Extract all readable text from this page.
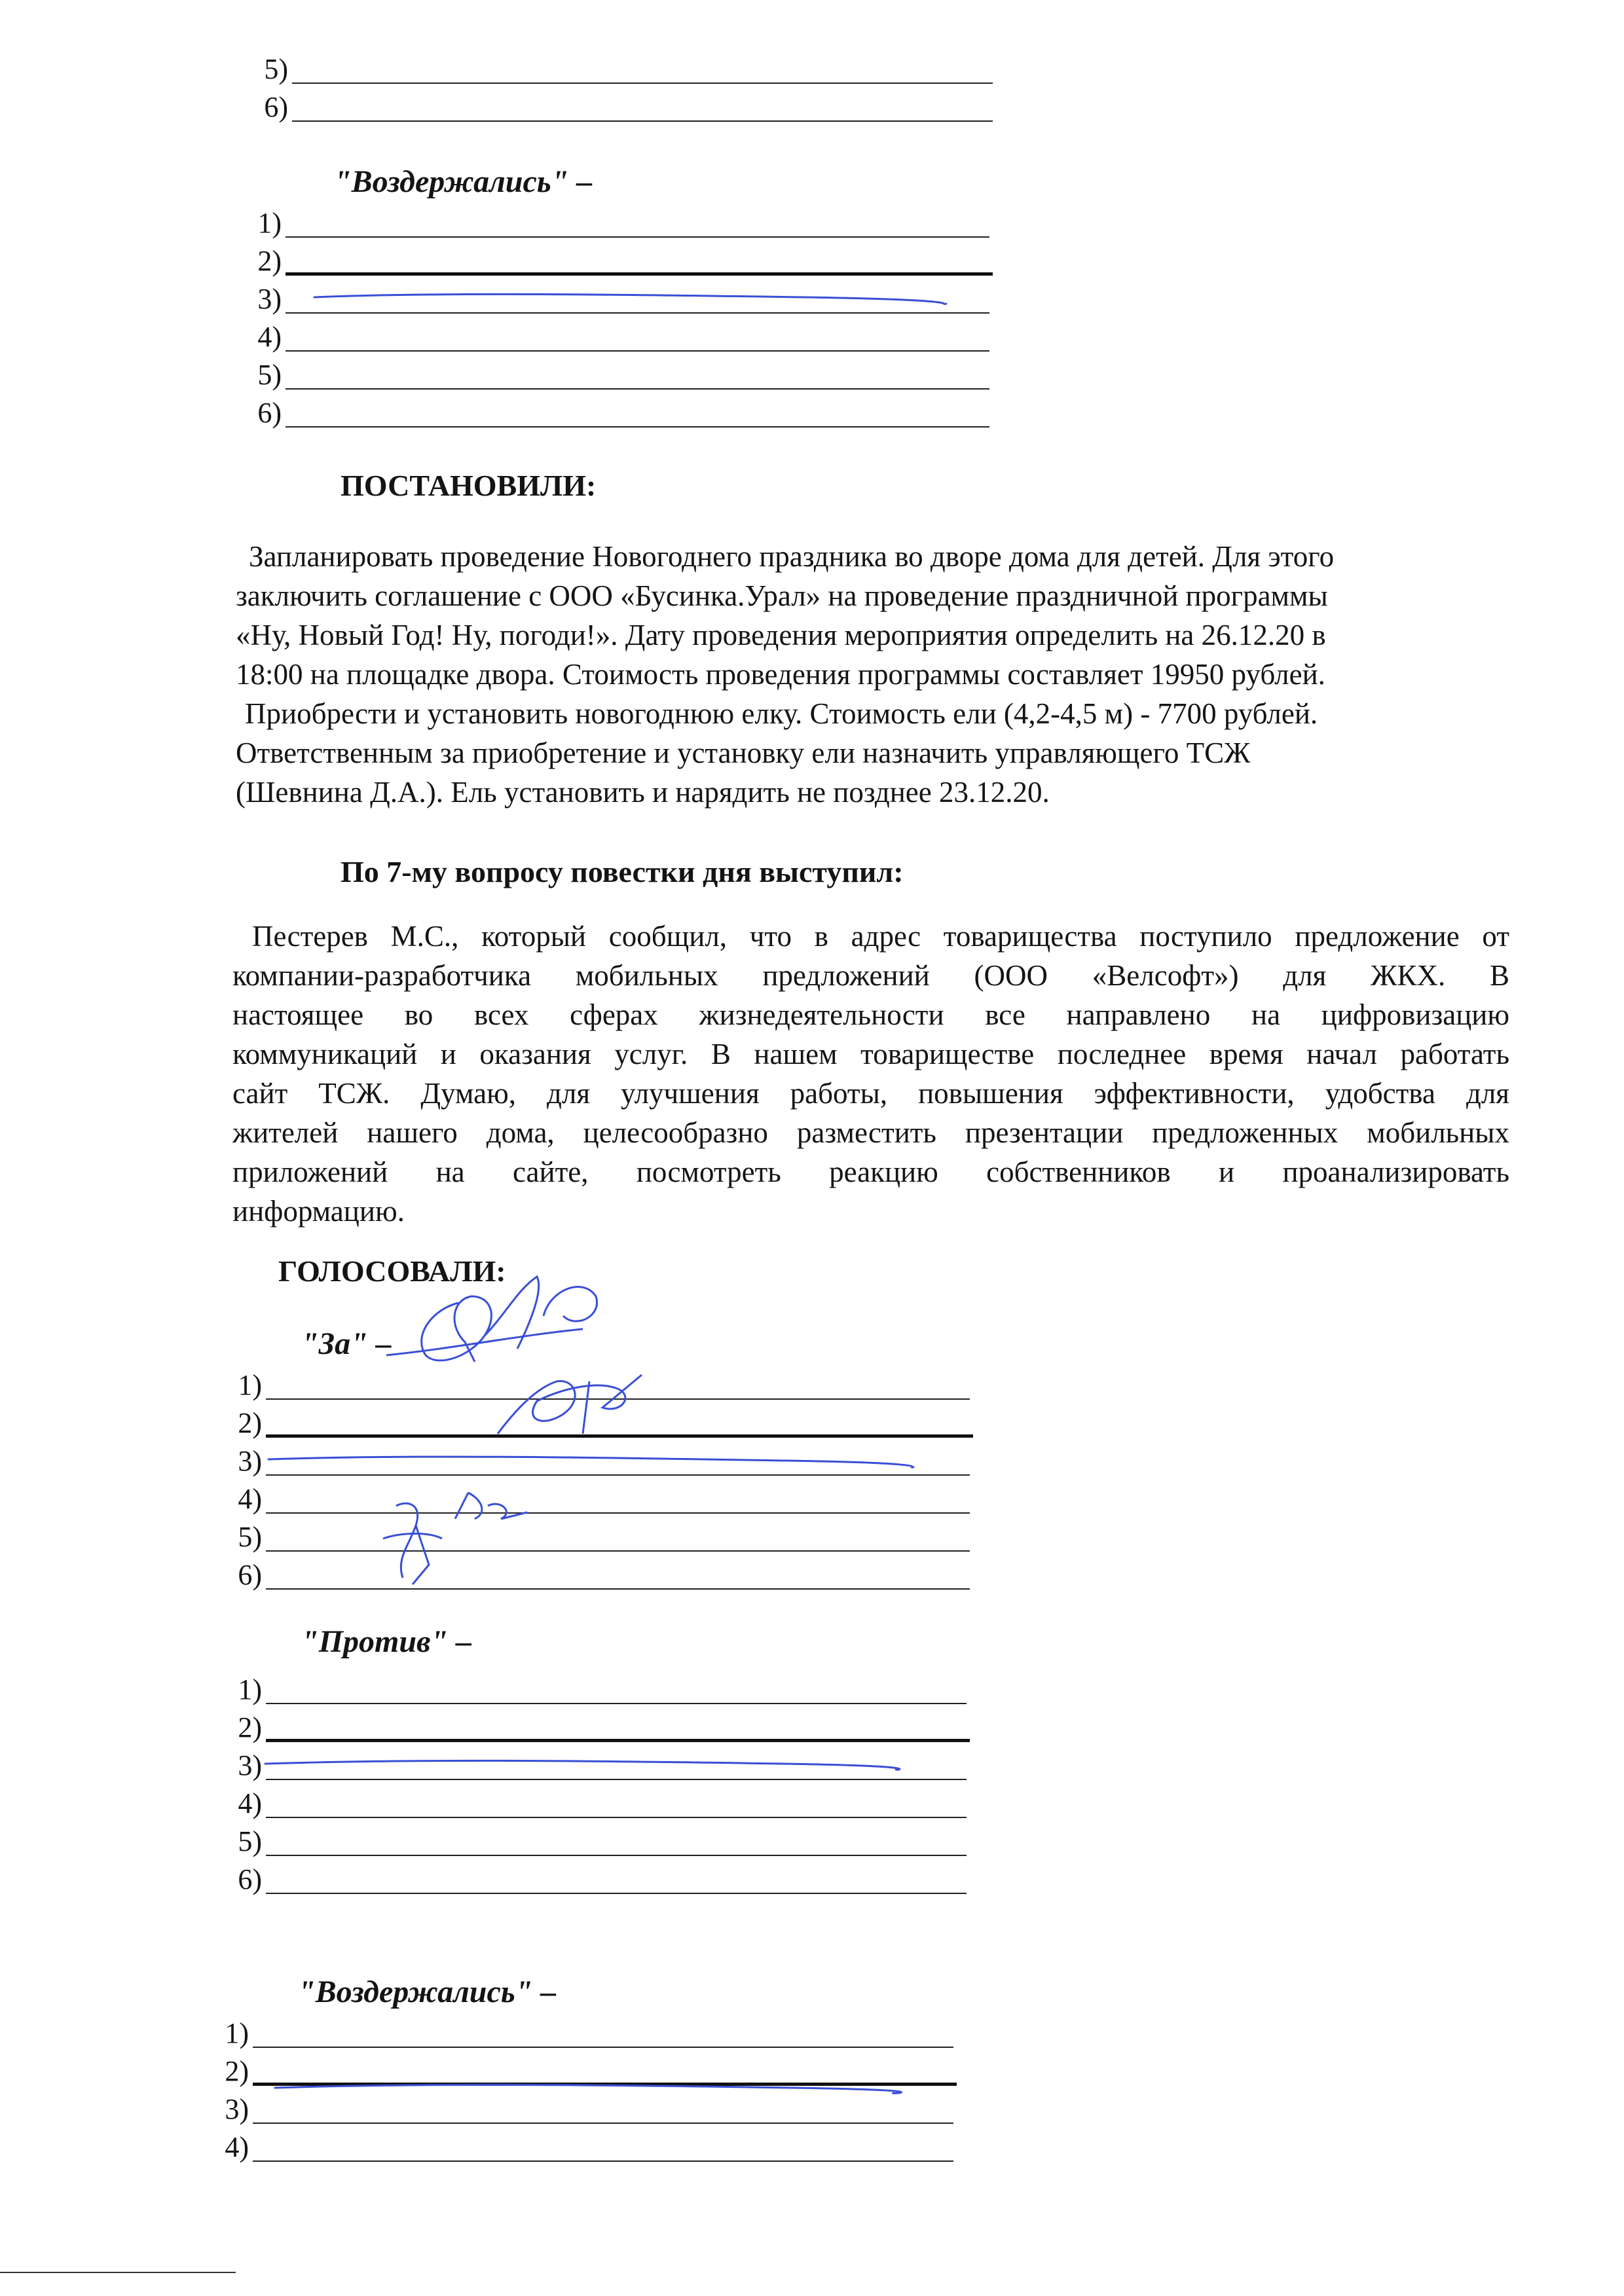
5)
6)
"Воздержались" –
1)
2)
3)
4)
5)
6)
ПОСТАНОВИЛИ:
Запланировать проведение Новогоднего праздника во дворе дома для детей. Для этого
заключить соглашение с ООО «Бусинка.Урал» на проведение праздничной программы
«Ну, Новый Год! Ну, погоди!». Дату проведения мероприятия определить на 26.12.20 в
18:00 на площадке двора. Стоимость проведения программы составляет 19950 рублей.
Приобрести и установить новогоднюю елку. Стоимость ели (4,2-4,5 м) - 7700 рублей.
Ответственным за приобретение и установку ели назначить управляющего ТСЖ
(Шевнина Д.А.). Ель установить и нарядить не позднее 23.12.20.
По 7-му вопросу повестки дня выступил:
Пестерев М.С., который сообщил, что в адрес товарищества поступило предложение от
компании-разработчика мобильных предложений (ООО «Велсофт») для ЖКХ. В
настоящее во всех сферах жизнедеятельности все направлено на цифровизацию
коммуникаций и оказания услуг. В нашем товариществе последнее время начал работать
сайт ТСЖ. Думаю, для улучшения работы, повышения эффективности, удобства для
жителей нашего дома, целесообразно разместить презентации предложенных мобильных
приложений на сайте, посмотреть реакцию собственников и проанализировать
информацию.
ГОЛОСОВАЛИ:
"За" –
1)
2)
3)
4)
5)
6)
"Против" –
1)
2)
3)
4)
5)
6)
"Воздержались" –
1)
2)
3)
4)
